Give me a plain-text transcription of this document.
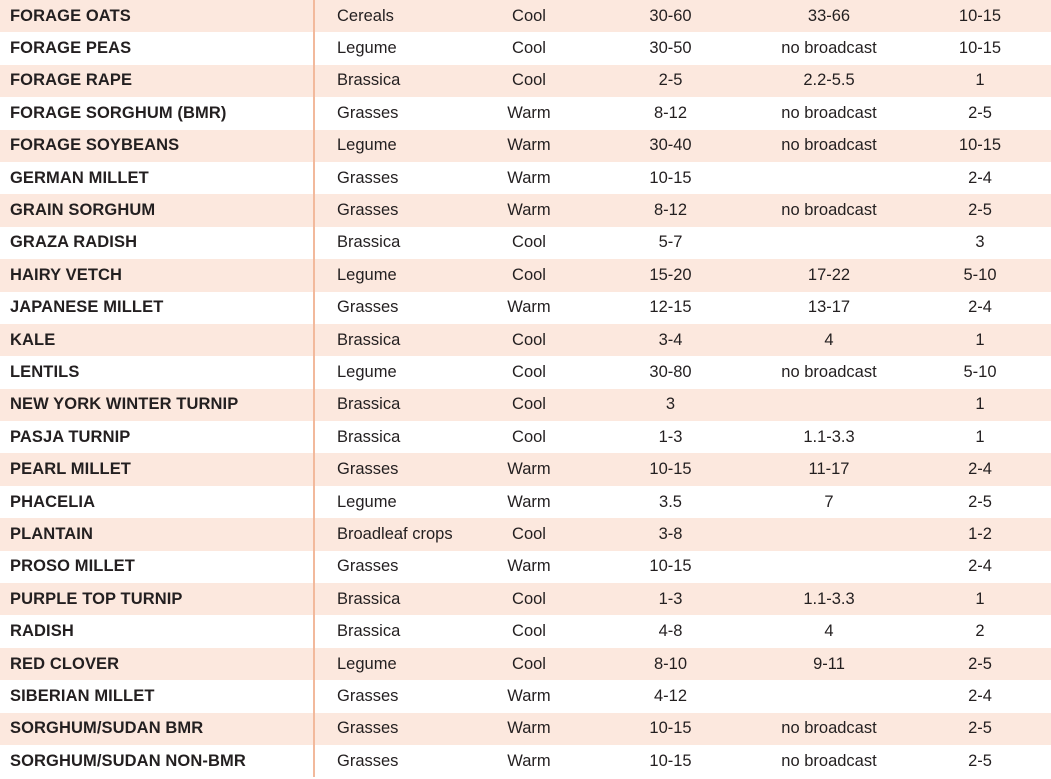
FORAGE OATS	Cereals	Cool	30-60	33-66	10-15
FORAGE PEAS	Legume	Cool	30-50	no broadcast	10-15
FORAGE RAPE	Brassica	Cool	2-5	2.2-5.5	1
FORAGE SORGHUM (BMR)	Grasses	Warm	8-12	no broadcast	2-5
FORAGE SOYBEANS	Legume	Warm	30-40	no broadcast	10-15
GERMAN MILLET	Grasses	Warm	10-15		2-4
GRAIN SORGHUM	Grasses	Warm	8-12	no broadcast	2-5
GRAZA RADISH	Brassica	Cool	5-7		3
HAIRY VETCH	Legume	Cool	15-20	17-22	5-10
JAPANESE MILLET	Grasses	Warm	12-15	13-17	2-4
KALE	Brassica	Cool	3-4	4	1
LENTILS	Legume	Cool	30-80	no broadcast	5-10
NEW YORK WINTER TURNIP	Brassica	Cool	3		1
PASJA TURNIP	Brassica	Cool	1-3	1.1-3.3	1
PEARL MILLET	Grasses	Warm	10-15	11-17	2-4
PHACELIA	Legume	Warm	3.5	7	2-5
PLANTAIN	Broadleaf crops	Cool	3-8		1-2
PROSO MILLET	Grasses	Warm	10-15		2-4
PURPLE TOP TURNIP	Brassica	Cool	1-3	1.1-3.3	1
RADISH	Brassica	Cool	4-8	4	2
RED CLOVER	Legume	Cool	8-10	9-11	2-5
SIBERIAN MILLET	Grasses	Warm	4-12		2-4
SORGHUM/SUDAN BMR	Grasses	Warm	10-15	no broadcast	2-5
SORGHUM/SUDAN NON-BMR	Grasses	Warm	10-15	no broadcast	2-5
